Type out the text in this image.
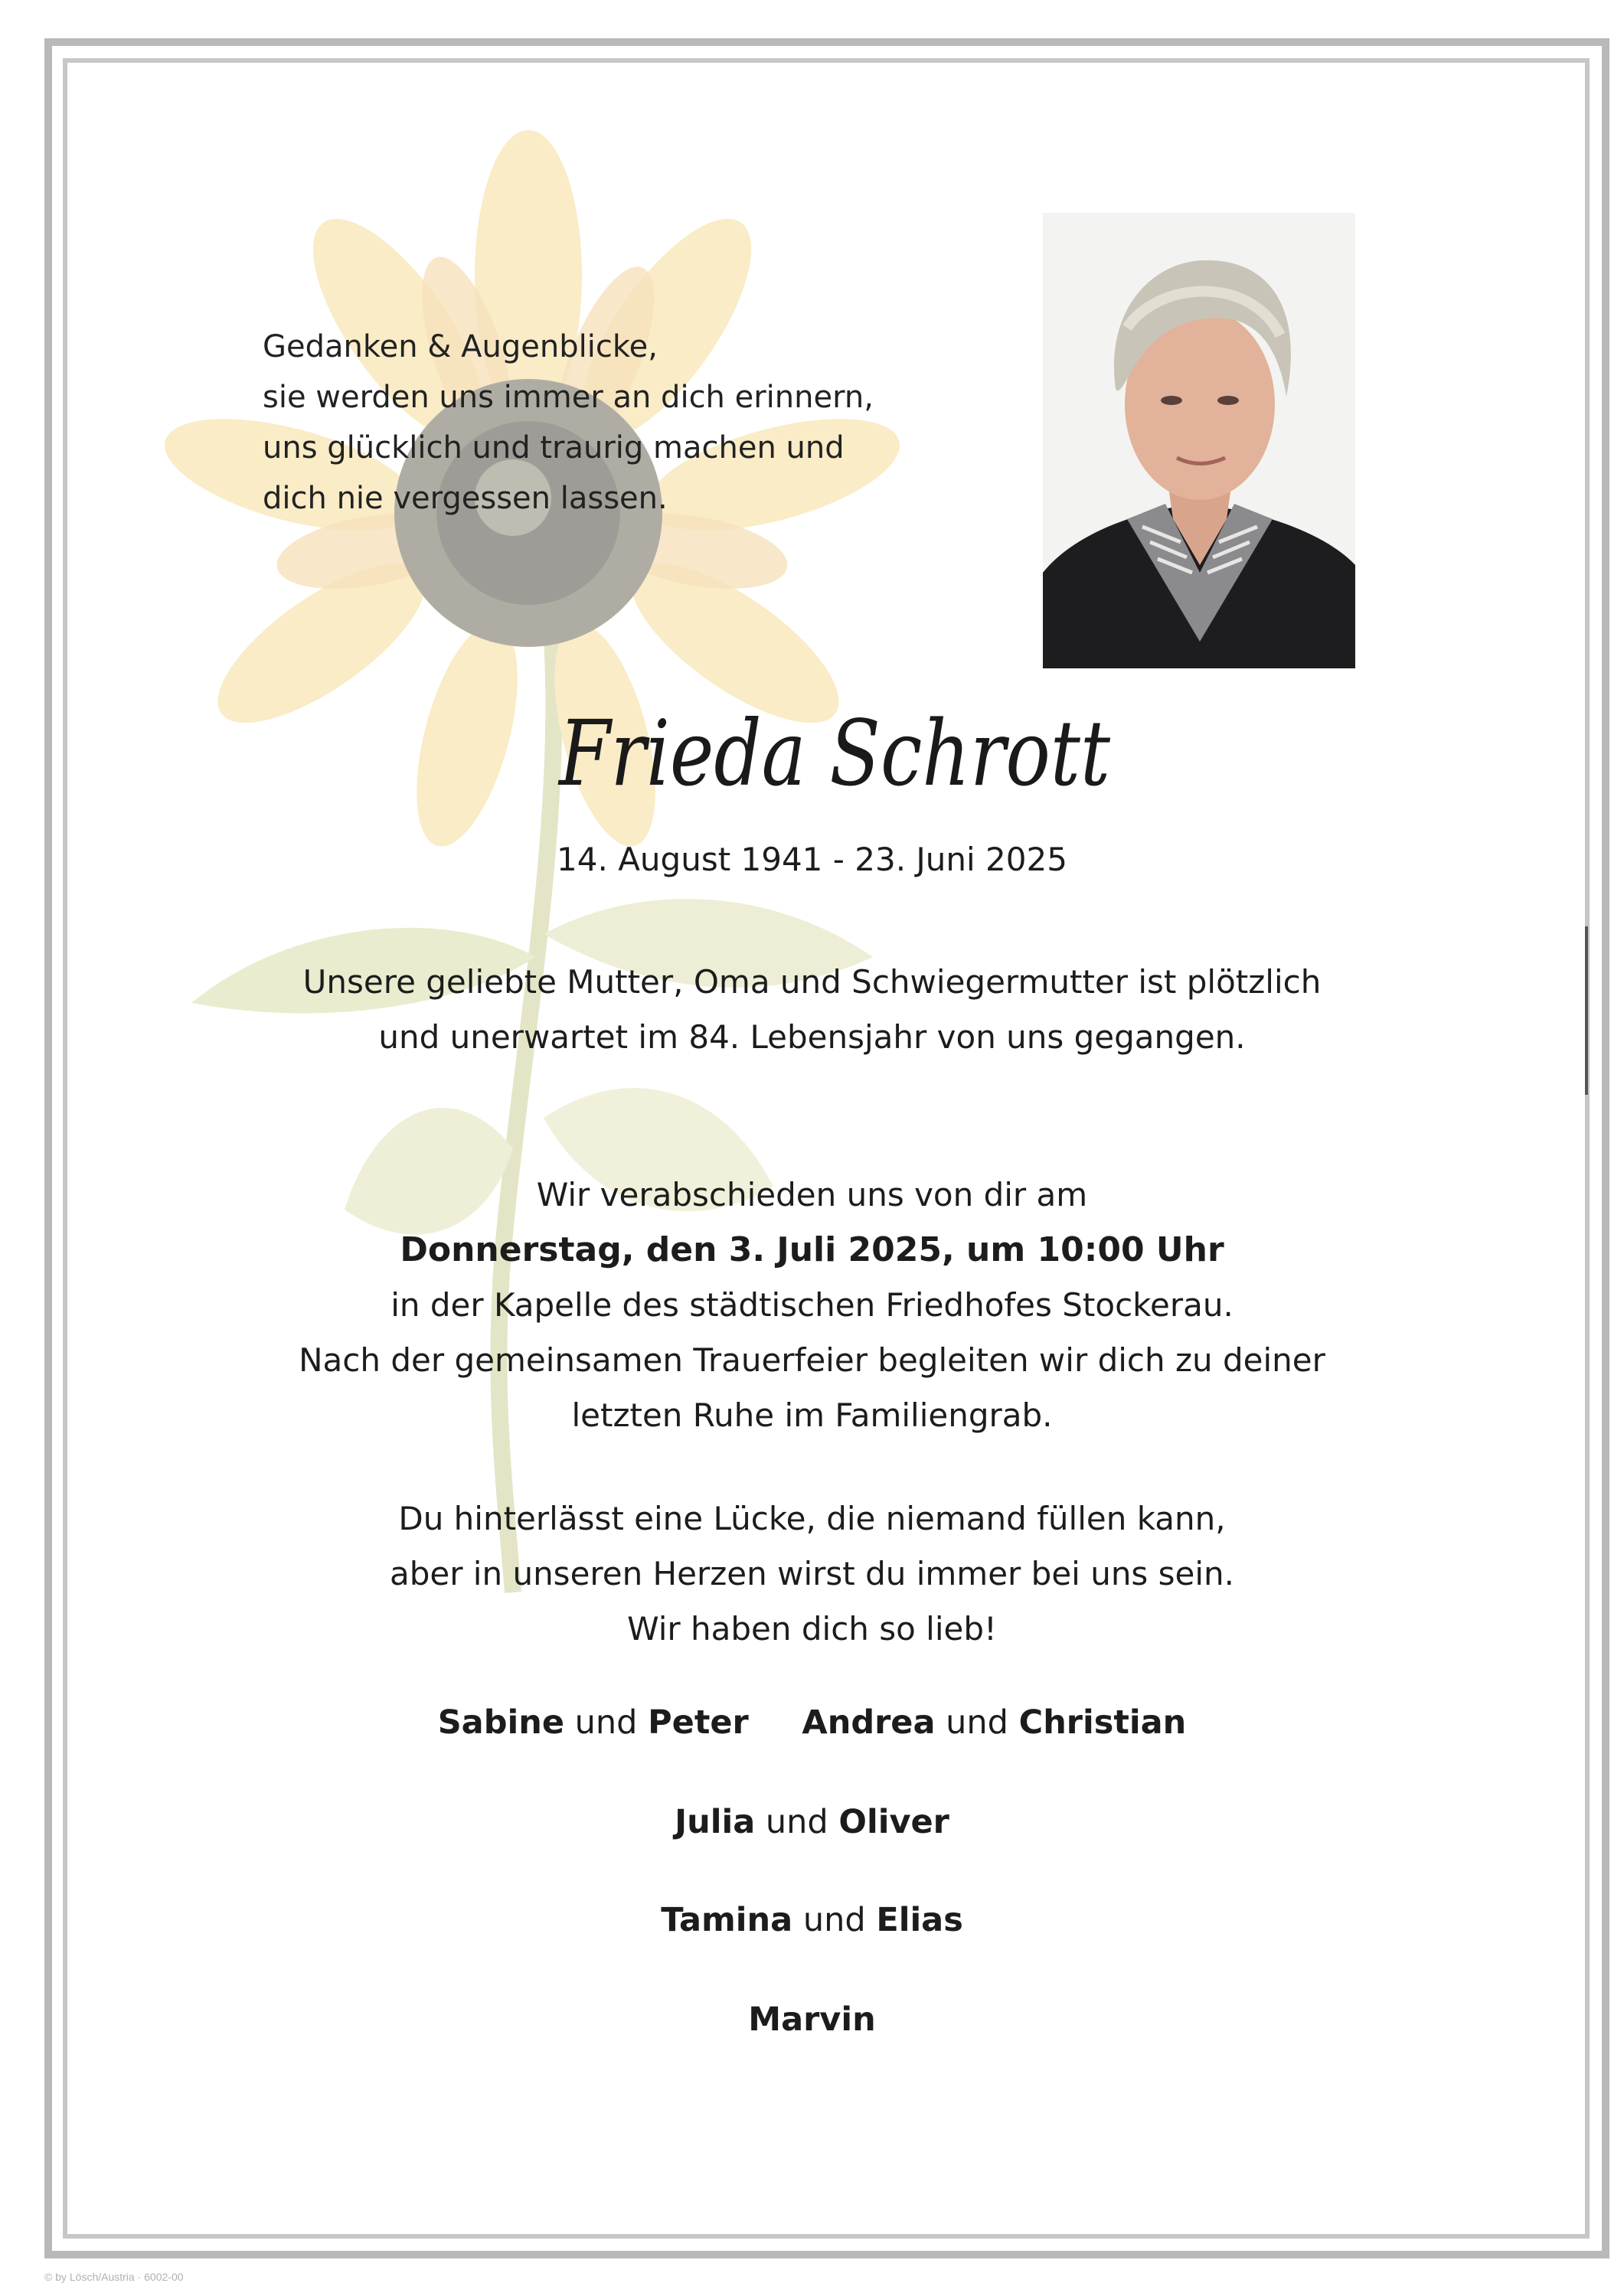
Gedanken & Augenblicke,
sie werden uns immer an dich erinnern,
uns glücklich und traurig machen und
dich nie vergessen lassen.
Frieda Schrott
14. August 1941 - 23. Juni 2025
Unsere geliebte Mutter, Oma und Schwiegermutter ist plötzlich
und unerwartet im 84. Lebensjahr von uns gegangen.
Wir verabschieden uns von dir am
Donnerstag, den 3. Juli 2025, um 10:00 Uhr
in der Kapelle des städtischen Friedhofes Stockerau.
Nach der gemeinsamen Trauerfeier begleiten wir dich zu deiner
letzten Ruhe im Familiengrab.
Du hinterlässt eine Lücke, die niemand füllen kann,
aber in unseren Herzen wirst du immer bei uns sein.
Wir haben dich so lieb!
Sabine und Peter Andrea und Christian
Julia und Oliver
Tamina und Elias
Marvin
© by Lösch/Austria · 6002-00
